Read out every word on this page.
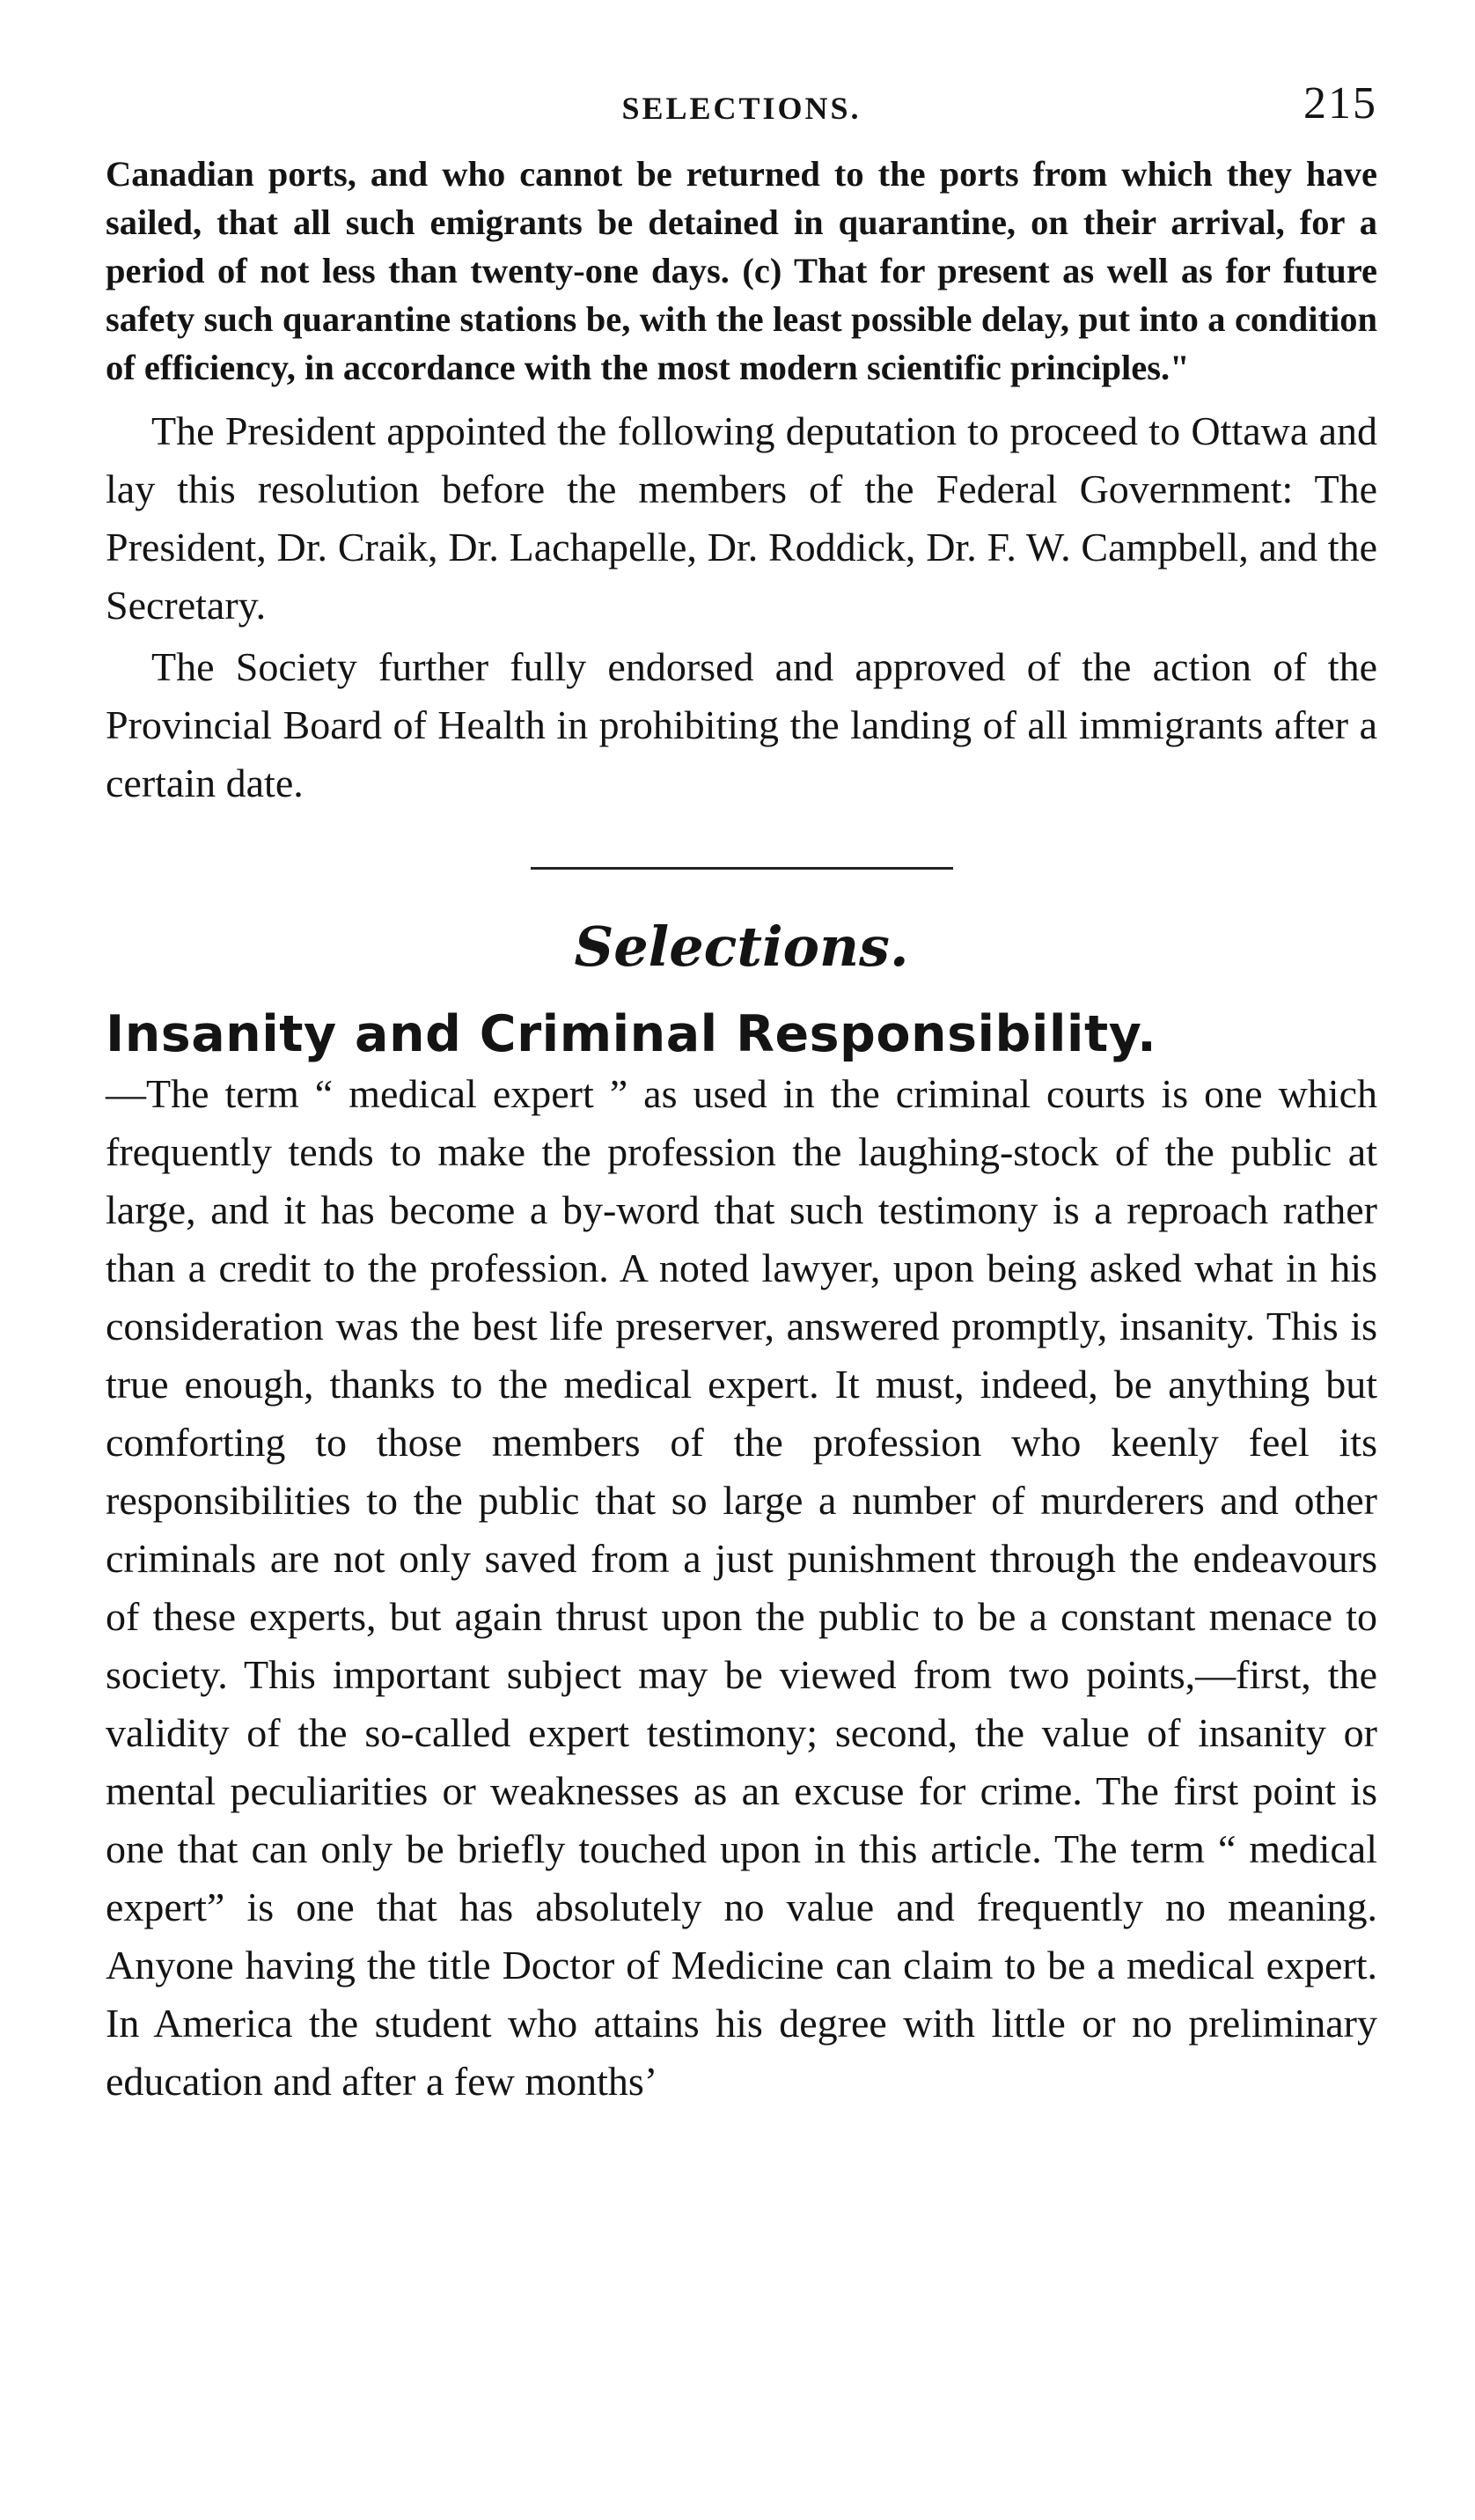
SELECTIONS.	215

Canadian ports, and who cannot be returned to the ports from which they have sailed, that all such emigrants be detained in quarantine, on their arrival, for a period of not less than twenty-one days. (c) That for present as well as for future safety such quarantine stations be, with the least possible delay, put into a condition of efficiency, in accordance with the most modern scientific principles."

The President appointed the following deputation to proceed to Ottawa and lay this resolution before the members of the Federal Government: The President, Dr. Craik, Dr. Lachapelle, Dr. Roddick, Dr. F. W. Campbell, and the Secretary.

The Society further fully endorsed and approved of the action of the Provincial Board of Health in prohibiting the landing of all immigrants after a certain date.

Selections.
Insanity and Criminal Responsibility.

—The term “ medical expert ” as used in the criminal courts is one which frequently tends to make the profession the laughing-stock of the public at large, and it has become a by-word that such testimony is a reproach rather than a credit to the profession. A noted lawyer, upon being asked what in his consideration was the best life preserver, answered promptly, insanity. This is true enough, thanks to the medical expert. It must, indeed, be anything but comforting to those members of the profession who keenly feel its responsibilities to the public that so large a number of murderers and other criminals are not only saved from a just punishment through the endeavours of these experts, but again thrust upon the public to be a constant menace to society. This important subject may be viewed from two points,—first, the validity of the so-called expert testimony; second, the value of insanity or mental peculiarities or weaknesses as an excuse for crime. The first point is one that can only be briefly touched upon in this article. The term “ medical expert” is one that has absolutely no value and frequently no meaning. Anyone having the title Doctor of Medicine can claim to be a medical expert. In America the student who attains his degree with little or no preliminary education and after a few months’
